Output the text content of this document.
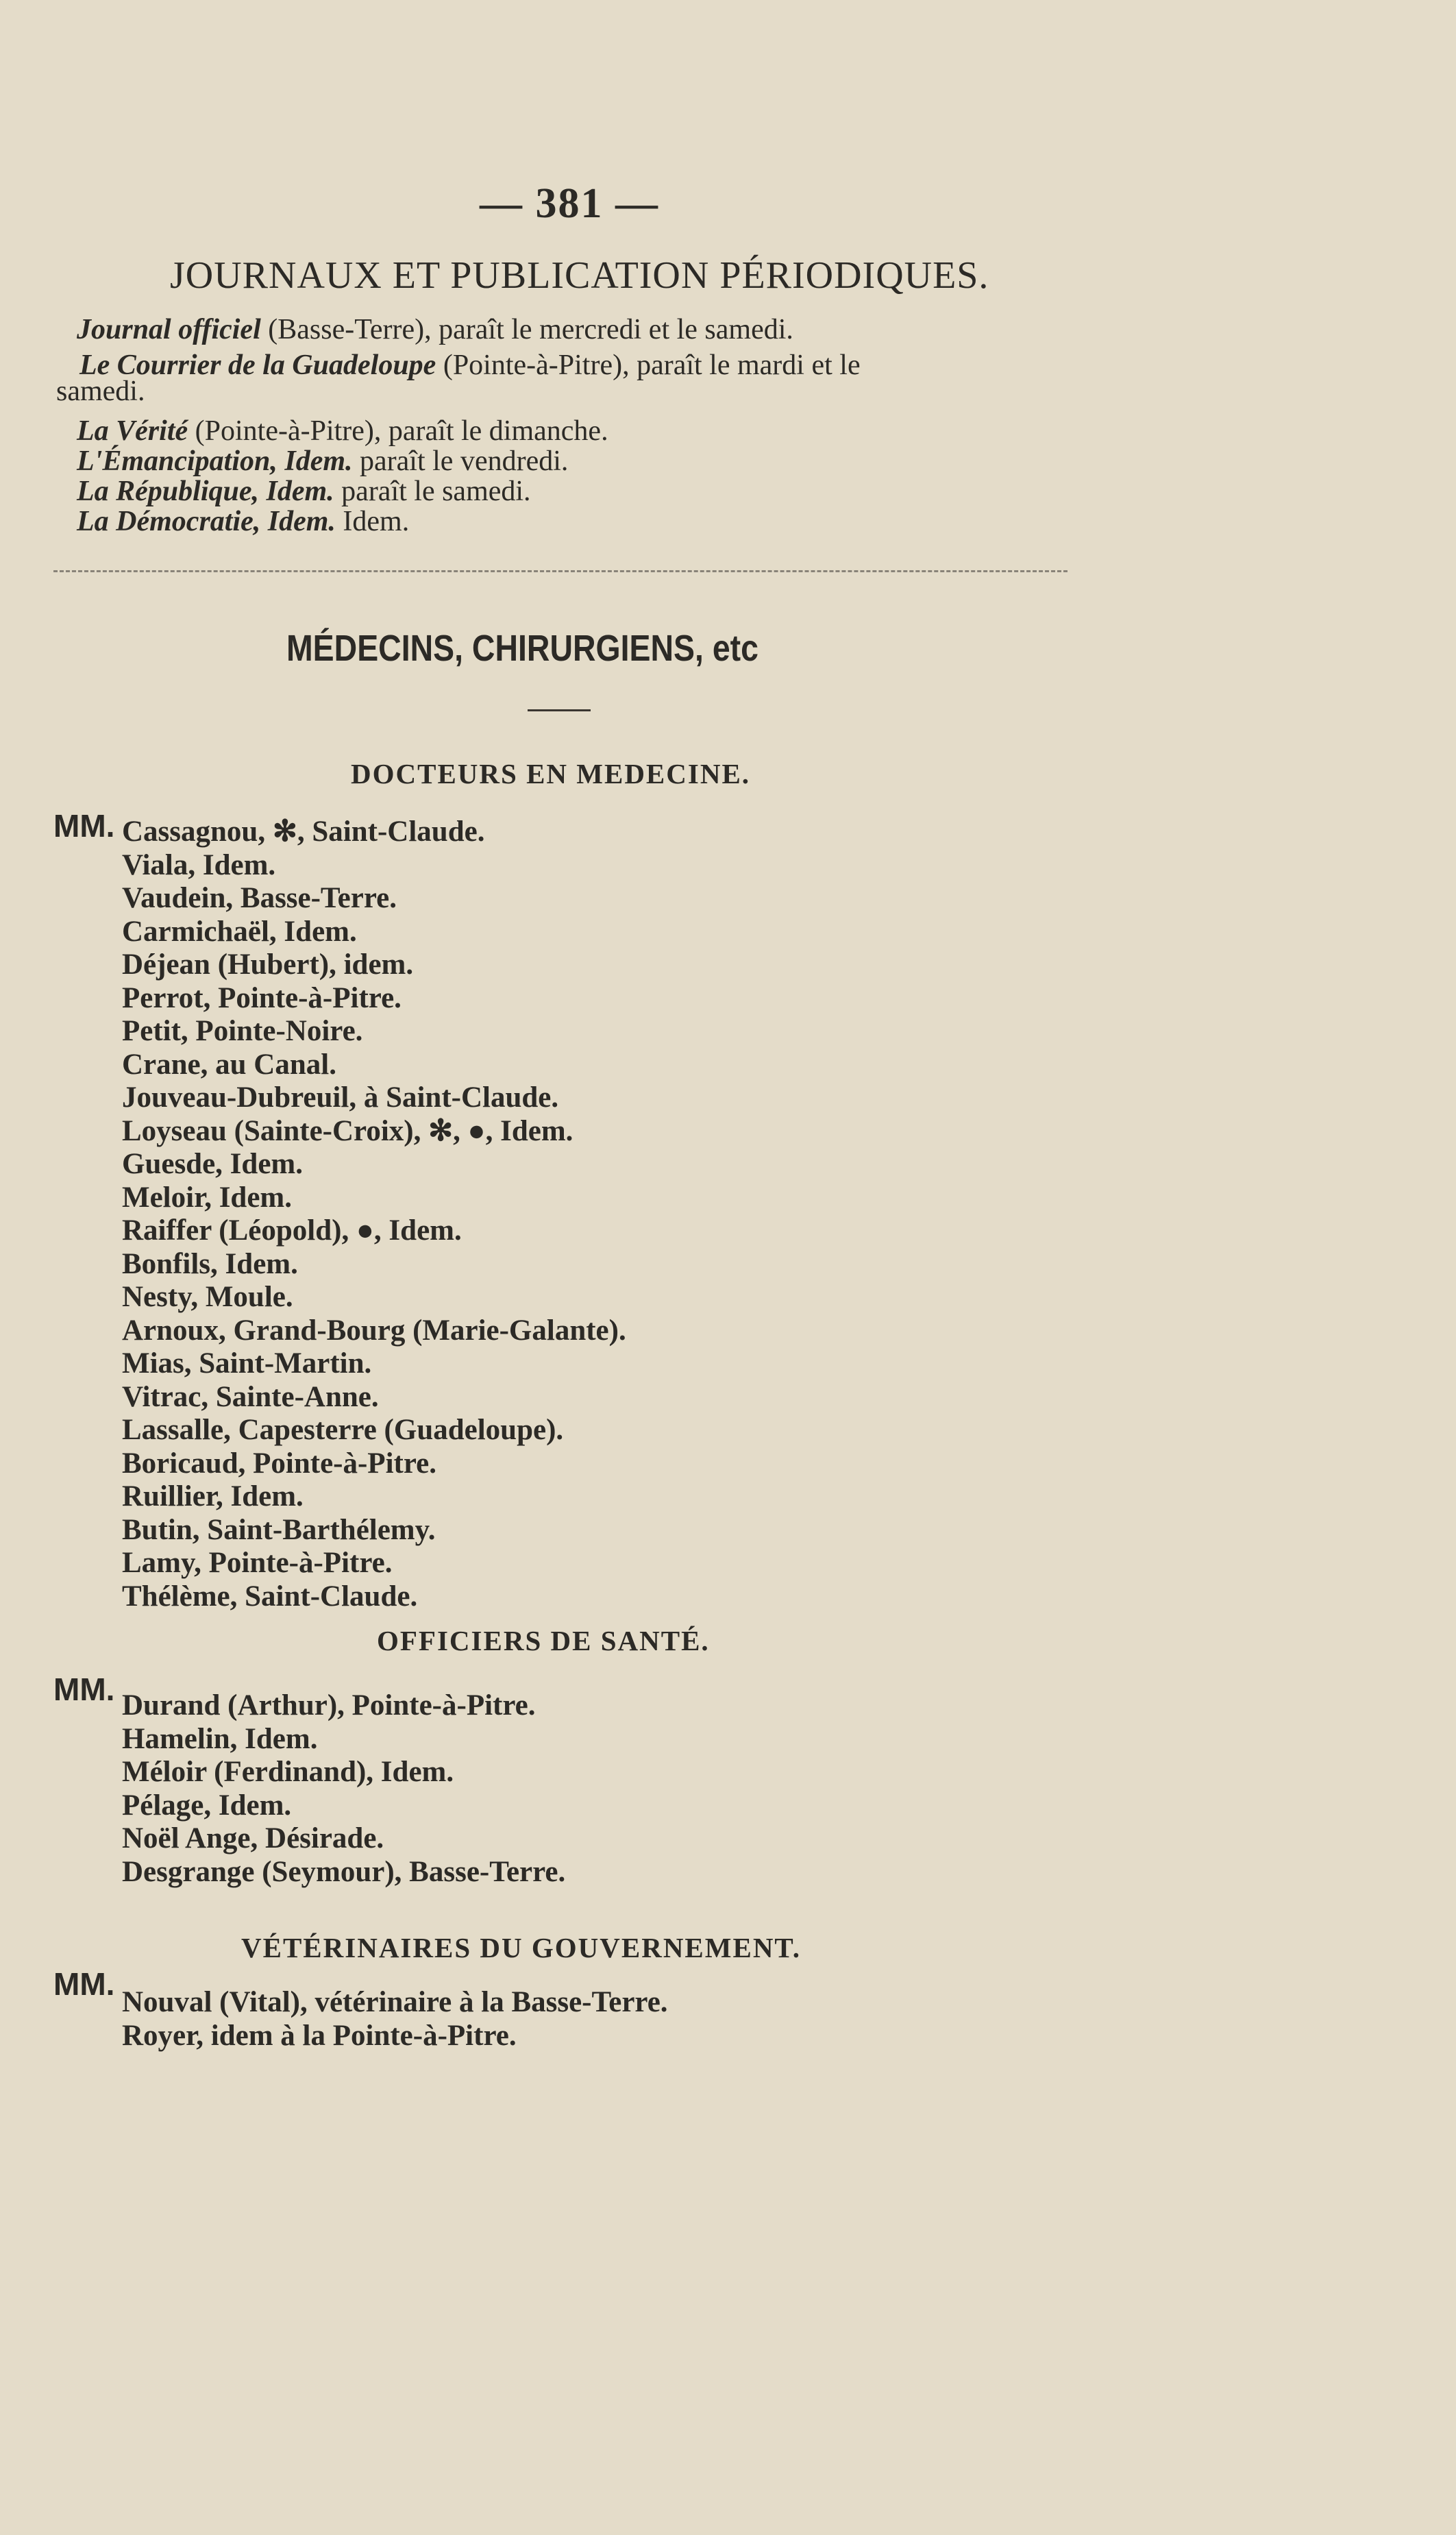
— 381 —
JOURNAUX ET PUBLICATION PÉRIODIQUES.
Journal officiel (Basse-Terre), paraît le mercredi et le samedi.
Le Courrier de la Guadeloupe (Pointe-à-Pitre), paraît le mardi et le
samedi.
La Vérité (Pointe-à-Pitre), paraît le dimanche.
L'Émancipation, Idem. paraît le vendredi.
La République, Idem. paraît le samedi.
La Démocratie, Idem. Idem.
MÉDECINS, CHIRURGIENS, etc
DOCTEURS EN MEDECINE.
MM. Cassagnou, ✻, Saint-Claude.
Viala, Idem.
Vaudein, Basse-Terre.
Carmichaël, Idem.
Déjean (Hubert), idem.
Perrot, Pointe-à-Pitre.
Petit, Pointe-Noire.
Crane, au Canal.
Jouveau-Dubreuil, à Saint-Claude.
Loyseau (Sainte-Croix), ✻, ●, Idem.
Guesde, Idem.
Meloir, Idem.
Raiffer (Léopold), ●, Idem.
Bonfils, Idem.
Nesty, Moule.
Arnoux, Grand-Bourg (Marie-Galante).
Mias, Saint-Martin.
Vitrac, Sainte-Anne.
Lassalle, Capesterre (Guadeloupe).
Boricaud, Pointe-à-Pitre.
Ruillier, Idem.
Butin, Saint-Barthélemy.
Lamy, Pointe-à-Pitre.
Thélème, Saint-Claude.
OFFICIERS DE SANTÉ.
MM. Durand (Arthur), Pointe-à-Pitre.
Hamelin, Idem.
Méloir (Ferdinand), Idem.
Pélage, Idem.
Noël Ange, Désirade.
Desgrange (Seymour), Basse-Terre.
VÉTÉRINAIRES DU GOUVERNEMENT.
MM.
Nouval (Vital), vétérinaire à la Basse-Terre.
Royer, idem à la Pointe-à-Pitre.
